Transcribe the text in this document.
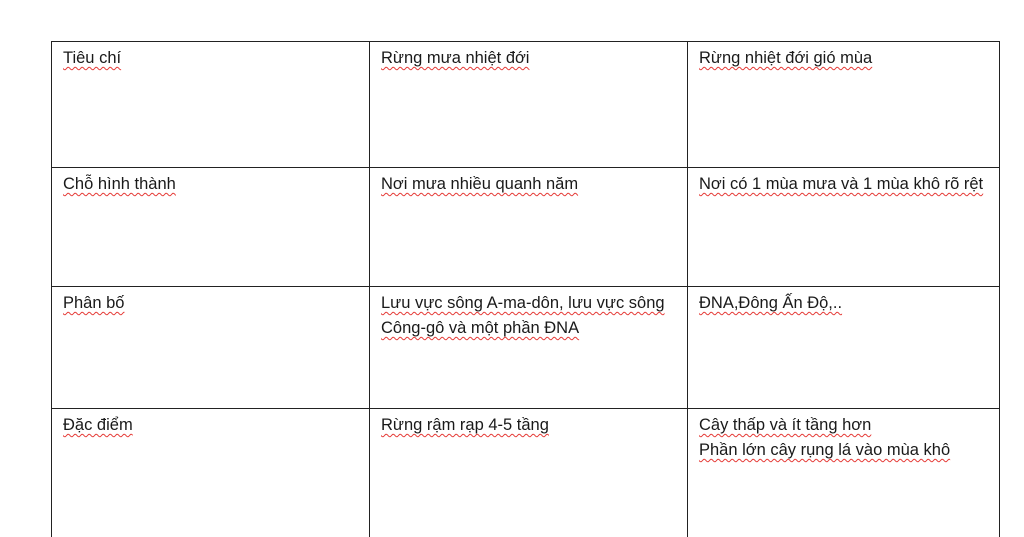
Tiêu chí	Rừng mưa nhiệt đới	Rừng nhiệt đới gió mùa

Chỗ hình thành	Nơi mưa nhiều quanh năm	Nơi có 1 mùa mưa và 1 mùa khô rõ rệt

Phân bố	Lưu vực sông A-ma-dôn, lưu vực sông Công-gô và một phần ĐNA	ĐNA,Đông Ấn Độ,..

Đặc điểm	Rừng rậm rạp 4-5 tầng	Cây thấp và ít tầng hơn
Phần lớn cây rụng lá vào mùa khô
